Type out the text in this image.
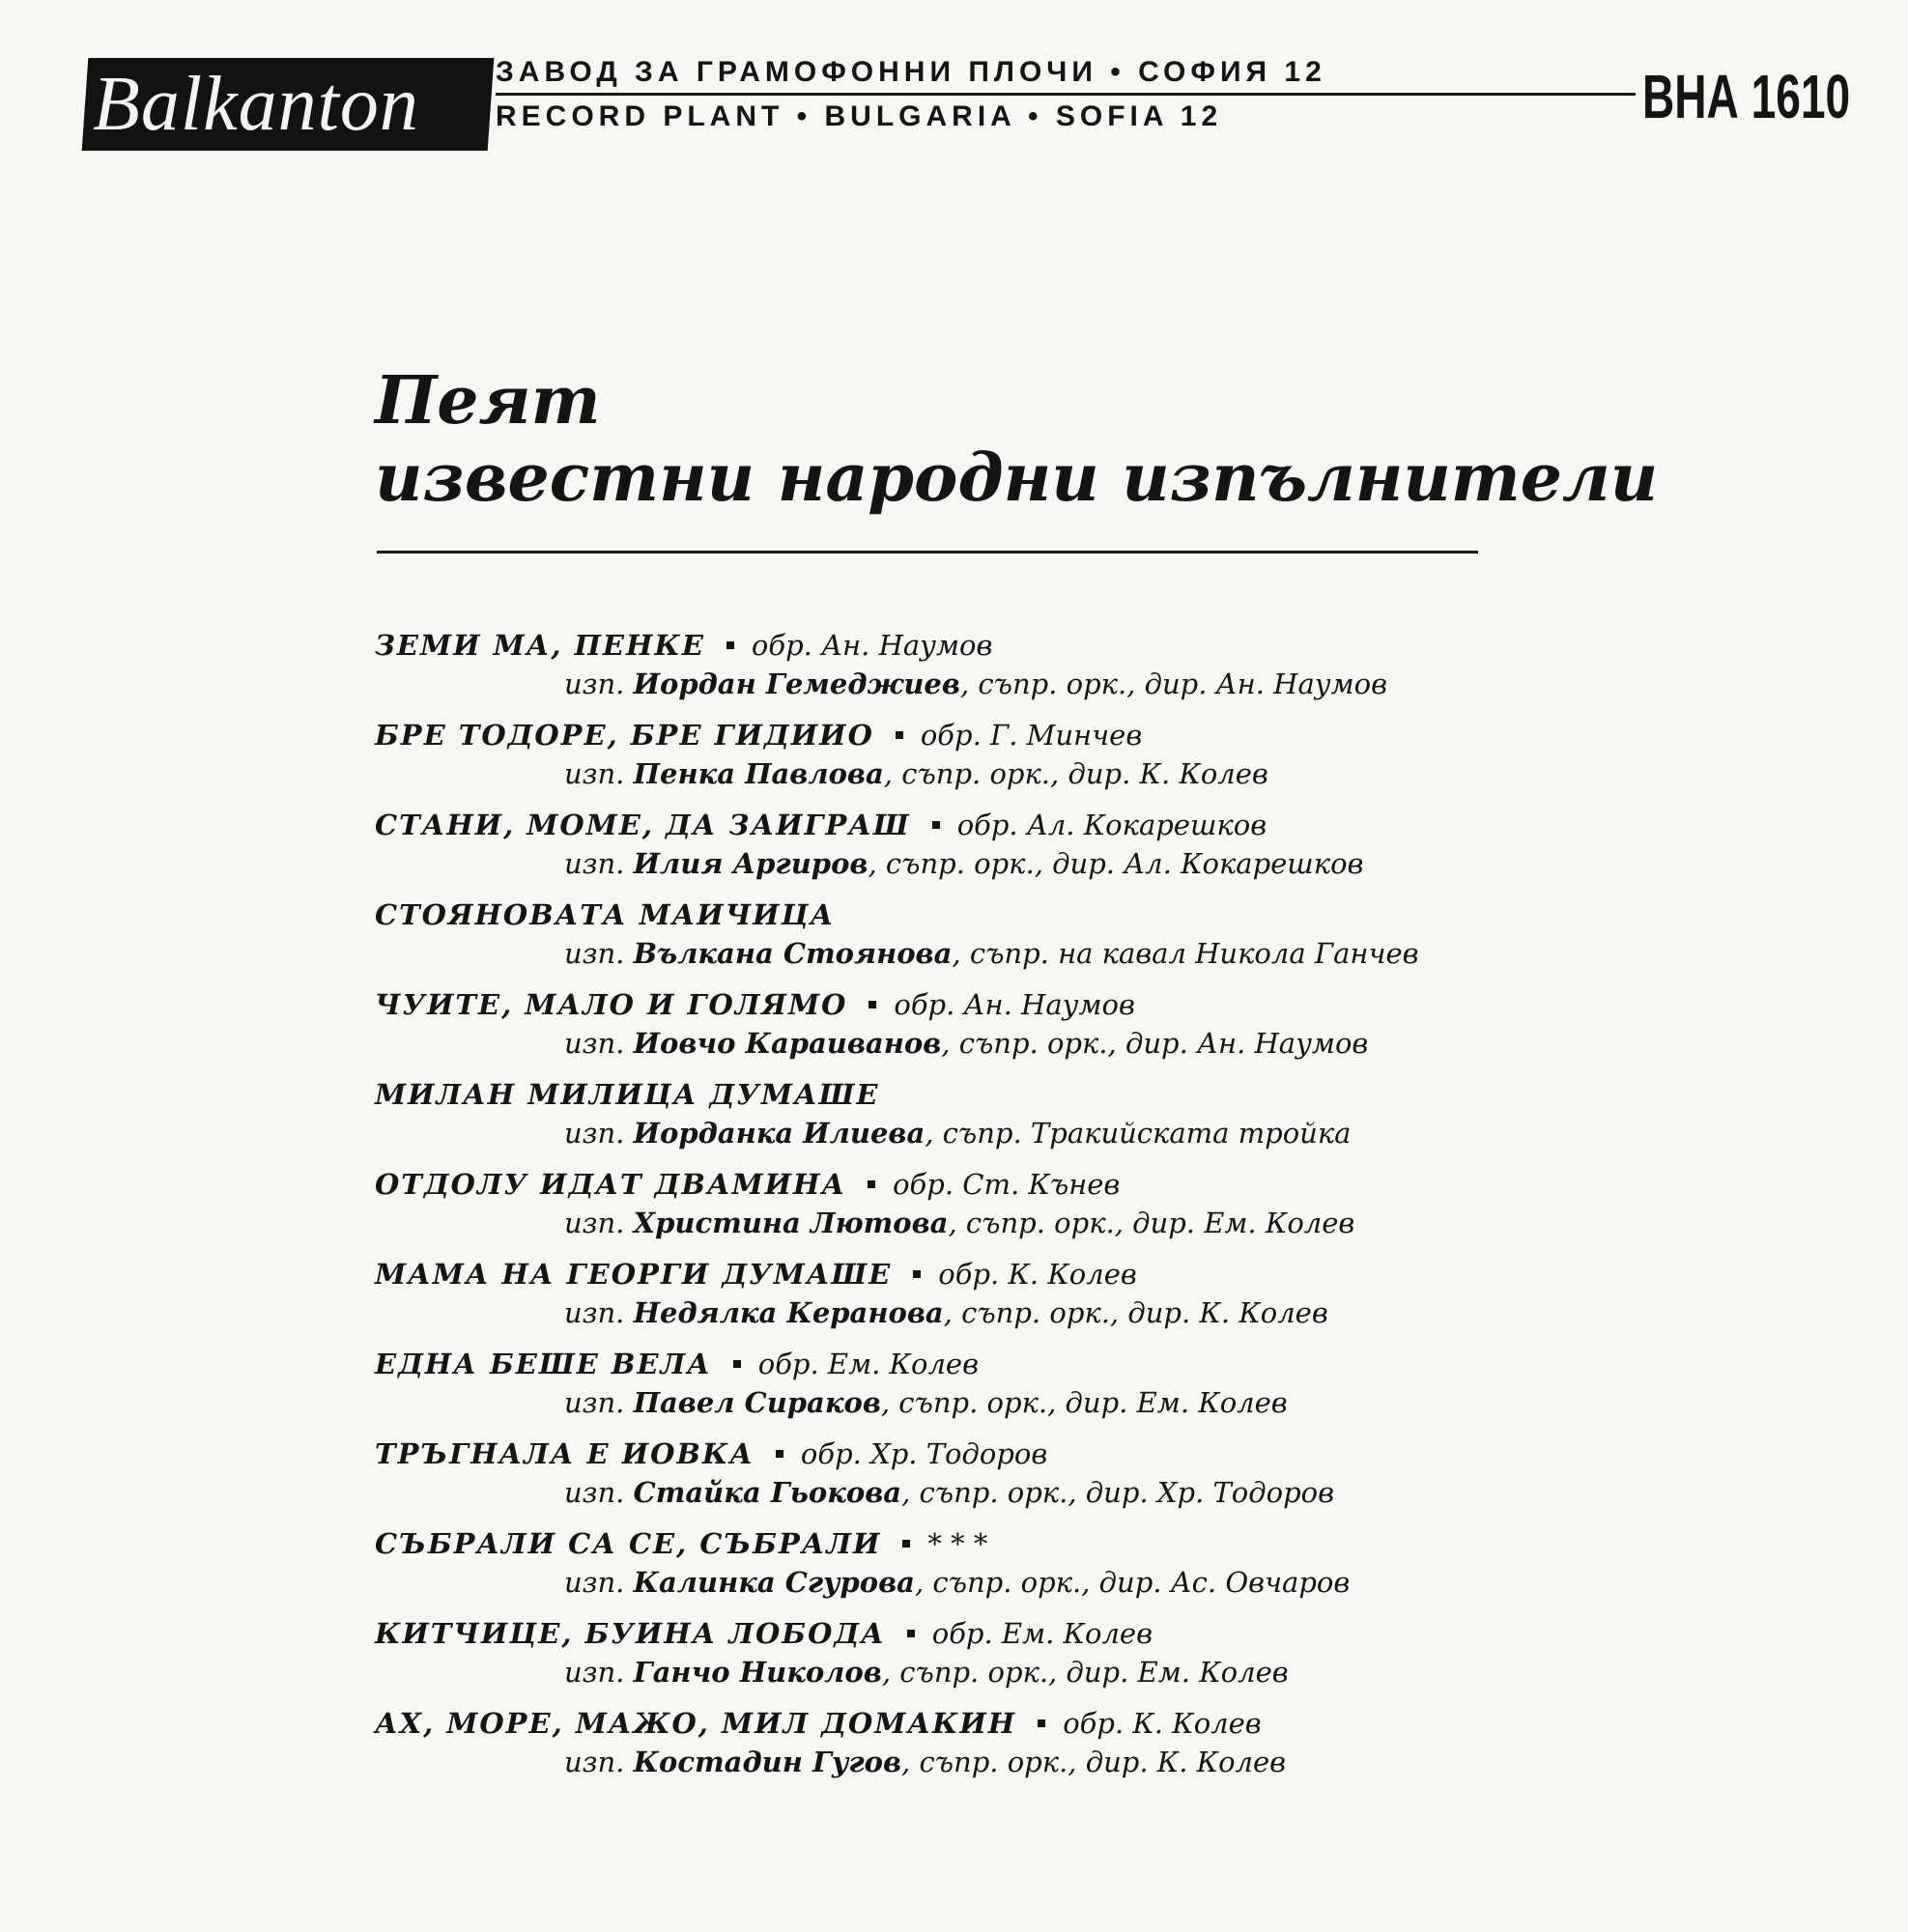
Balkanton	ЗАВОД ЗА ГРАМОФОННИ ПЛОЧИ • СОФИЯ 12
RECORD PLANT • BULGARIA • SOFIA 12	ВНА 1610
Пеят
известни народни изпълнители
ЗЕМИ МА, ПЕНКЕ обр. Ан. Наумов
изп. Иордан Гемеджиев, съпр. орк., дир. Ан. Наумов
БРЕ ТОДОРЕ, БРЕ ГИДИИО обр. Г. Минчев
изп. Пенка Павлова, съпр. орк., дир. К. Колев
СТАНИ, МОМЕ, ДА ЗАИГРАШ обр. Ал. Кокарешков
изп. Илия Аргиров, съпр. орк., дир. Ал. Кокарешков
СТОЯНОВАТА МАИЧИЦА
изп. Вълкана Стоянова, съпр. на кавал Никола Ганчев
ЧУИТЕ, МАЛО И ГОЛЯМО обр. Ан. Наумов
изп. Иовчо Караиванов, съпр. орк., дир. Ан. Наумов
МИЛАН МИЛИЦА ДУМАШЕ
изп. Иорданка Илиева, съпр. Тракийската тройка
ОТДОЛУ ИДАТ ДВАМИНА обр. Ст. Кънев
изп. Христина Лютова, съпр. орк., дир. Ем. Колев
МАМА НА ГЕОРГИ ДУМАШЕ обр. К. Колев
изп. Недялка Керанова, съпр. орк., дир. К. Колев
ЕДНА БЕШЕ ВЕЛА обр. Ем. Колев
изп. Павел Сираков, съпр. орк., дир. Ем. Колев
ТРЪГНАЛА Е ИОВКА обр. Хр. Тодоров
изп. Стайка Гьокова, съпр. орк., дир. Хр. Тодоров
СЪБРАЛИ СА СЕ, СЪБРАЛИ * * *
изп. Калинка Сгурова, съпр. орк., дир. Ас. Овчаров
КИТЧИЦЕ, БУИНА ЛОБОДА обр. Ем. Колев
изп. Ганчо Николов, съпр. орк., дир. Ем. Колев
АХ, МОРЕ, МАЖО, МИЛ ДОМАКИН обр. К. Колев
изп. Костадин Гугов, съпр. орк., дир. К. Колев
